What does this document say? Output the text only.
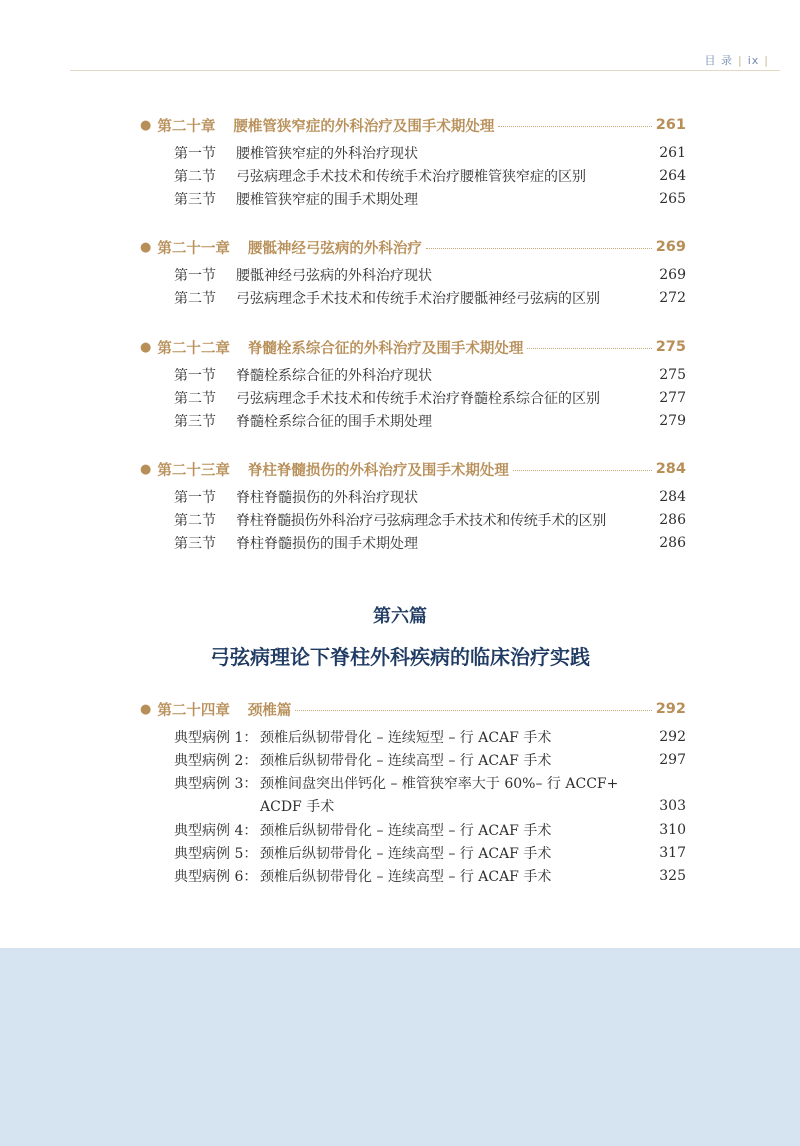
目 录 | ix |
● 第二十章 腰椎管狭窄症的外科治疗及围手术期处理	261
第一节	腰椎管狭窄症的外科治疗现状	261
第二节	弓弦病理念手术技术和传统手术治疗腰椎管狭窄症的区别	264
第三节	腰椎管狭窄症的围手术期处理	265
● 第二十一章 腰骶神经弓弦病的外科治疗	269
第一节	腰骶神经弓弦病的外科治疗现状	269
第二节	弓弦病理念手术技术和传统手术治疗腰骶神经弓弦病的区别	272
● 第二十二章 脊髓栓系综合征的外科治疗及围手术期处理	275
第一节	脊髓栓系综合征的外科治疗现状	275
第二节	弓弦病理念手术技术和传统手术治疗脊髓栓系综合征的区别	277
第三节	脊髓栓系综合征的围手术期处理	279
● 第二十三章 脊柱脊髓损伤的外科治疗及围手术期处理	284
第一节	脊柱脊髓损伤的外科治疗现状	284
第二节	脊柱脊髓损伤外科治疗弓弦病理念手术技术和传统手术的区别	286
第三节	脊柱脊髓损伤的围手术期处理	286
第六篇
弓弦病理论下脊柱外科疾病的临床治疗实践
● 第二十四章 颈椎篇	292
典型病例 1： 颈椎后纵韧带骨化 – 连续短型 – 行 ACAF 手术	292
典型病例 2： 颈椎后纵韧带骨化 – 连续高型 – 行 ACAF 手术	297
典型病例 3： 颈椎间盘突出伴钙化 – 椎管狭窄率大于 60%– 行 ACCF+
ACDF 手术	303
典型病例 4： 颈椎后纵韧带骨化 – 连续高型 – 行 ACAF 手术	310
典型病例 5： 颈椎后纵韧带骨化 – 连续高型 – 行 ACAF 手术	317
典型病例 6： 颈椎后纵韧带骨化 – 连续高型 – 行 ACAF 手术	325
